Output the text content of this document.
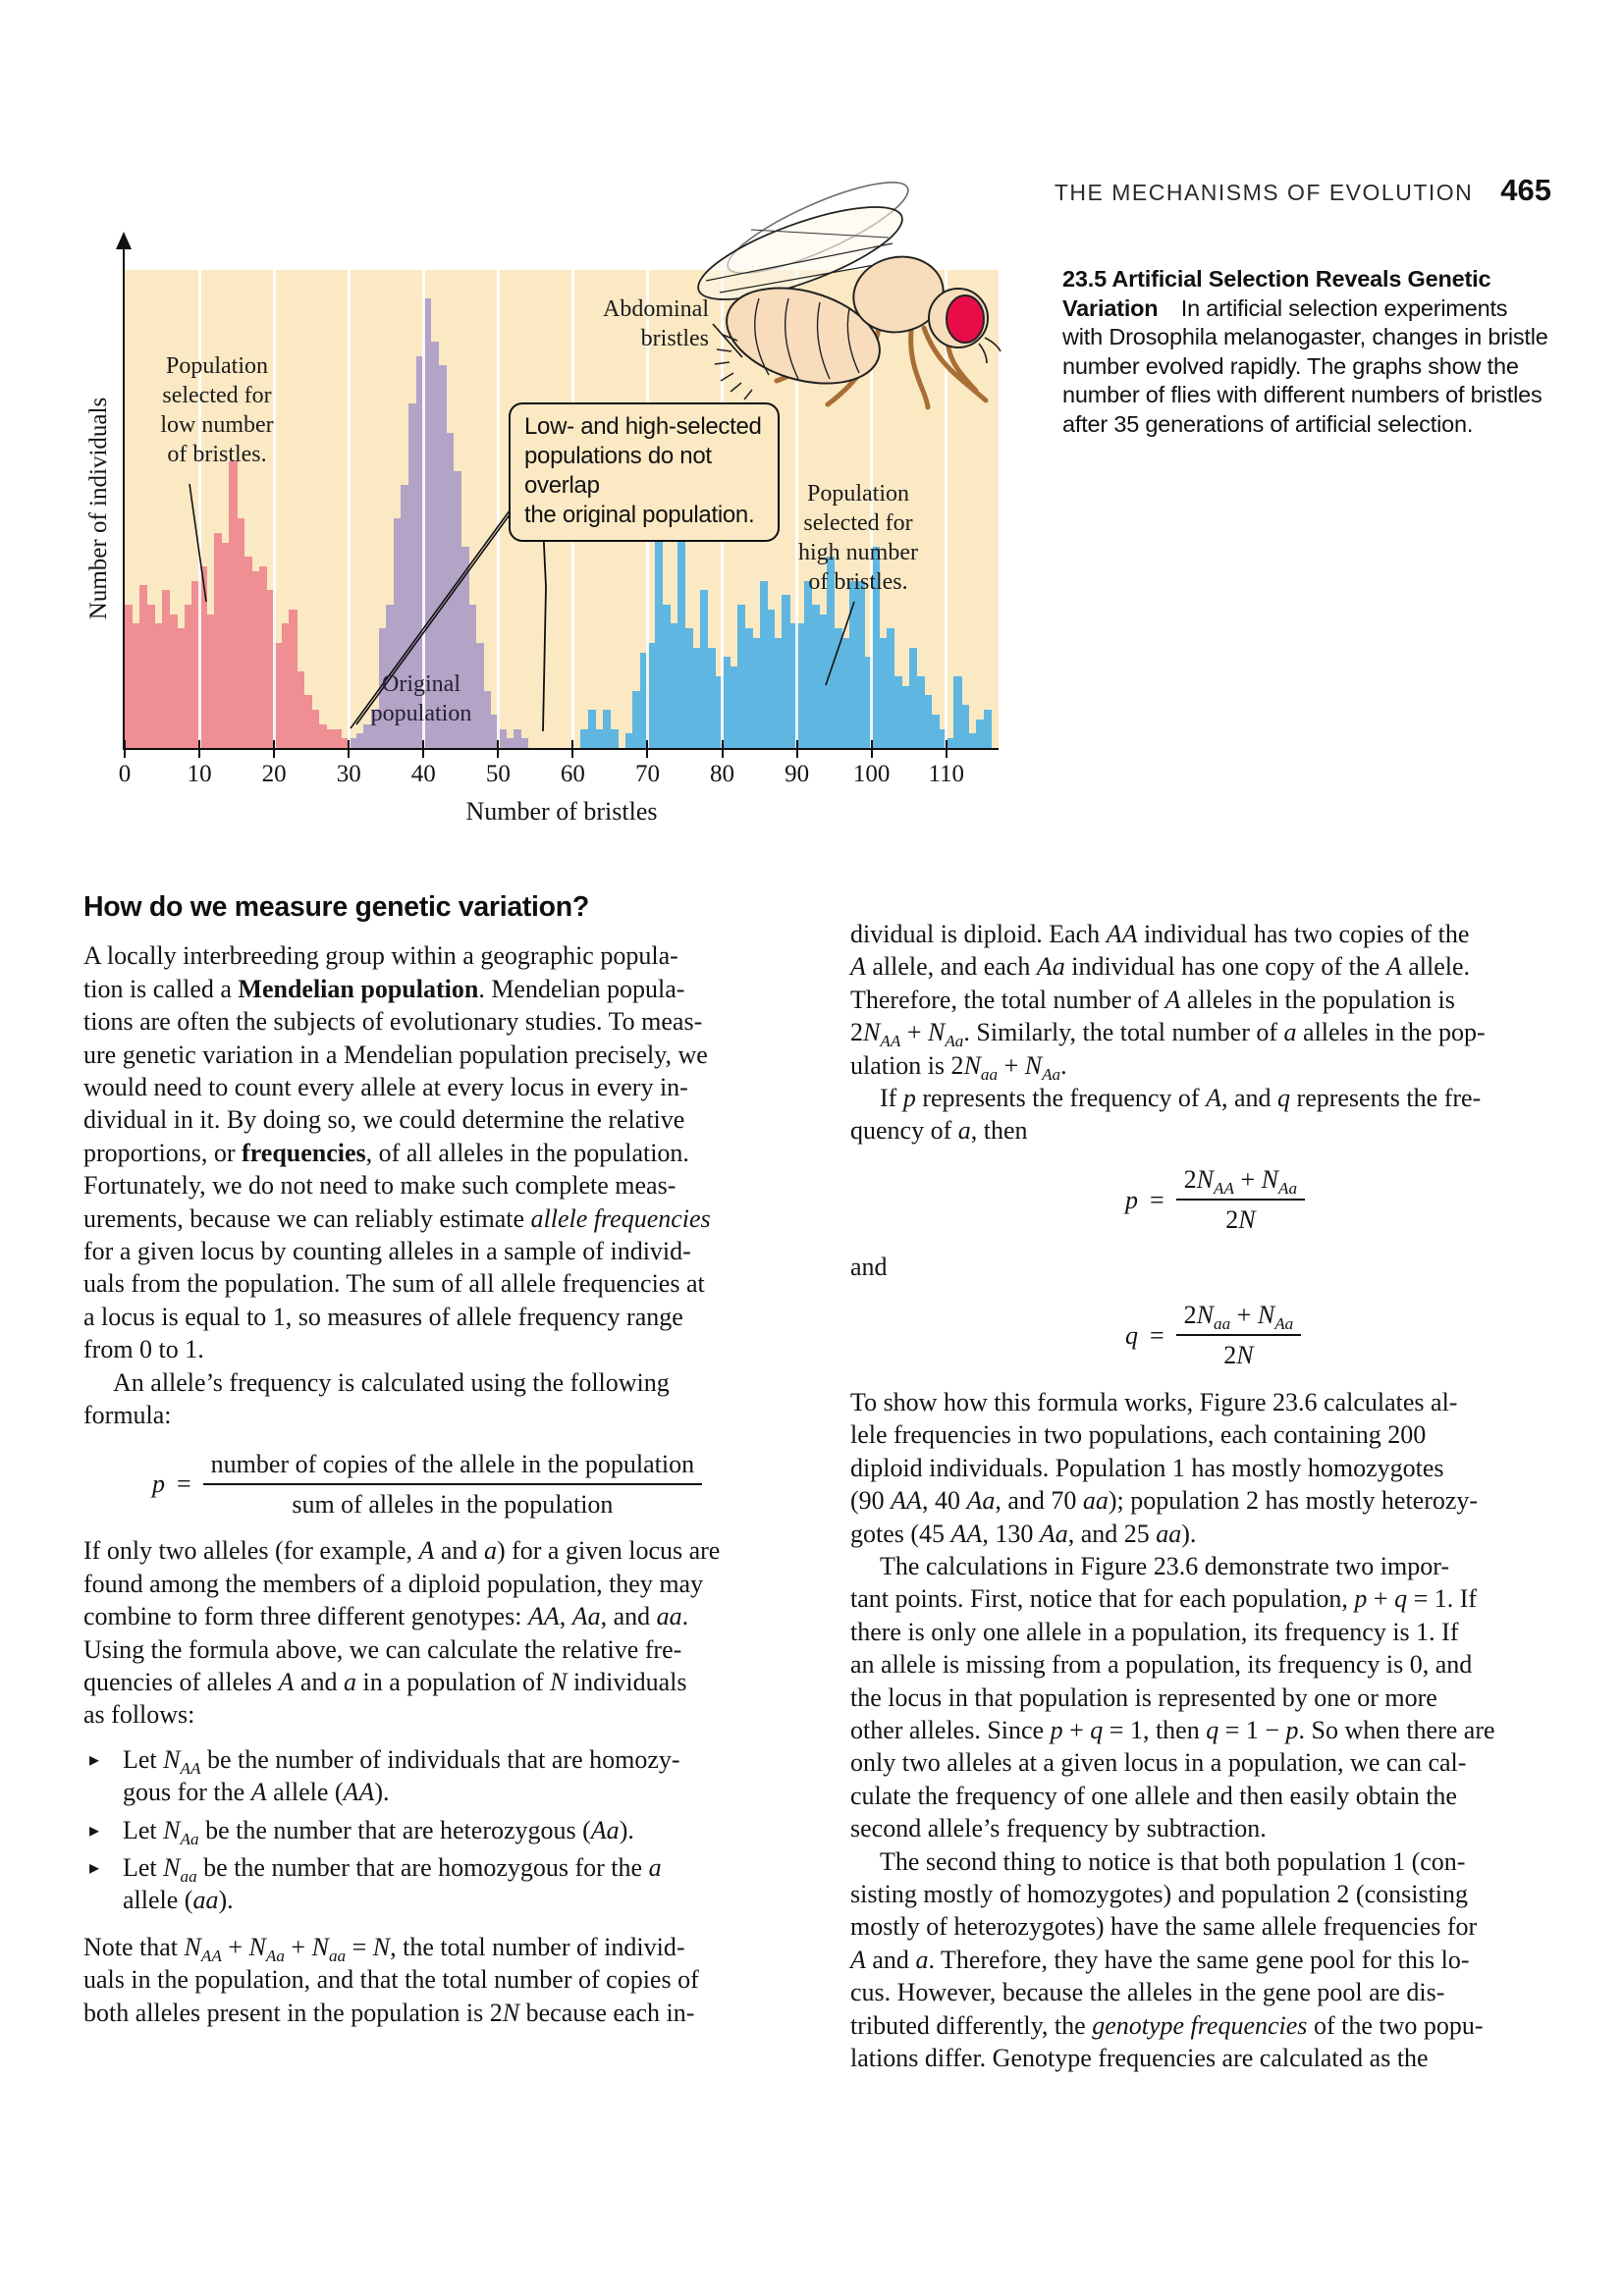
THE MECHANISMS OF EVOLUTION 465
Number of individuals
Number of bristles
Population
selected for
low number
of bristles.
Original
population
Population
selected for
high number
of bristles.
Abdominal
bristles
Low- and high-selected
populations do not overlap
the original population.
0	10	20	30	40	50	60	70	80	90	100 110
23.5 Artificial Selection Reveals Genetic
Variation In artificial selection experiments
with Drosophila melanogaster, changes in bristle
number evolved rapidly. The graphs show the
number of flies with different numbers of bristles
after 35 generations of artificial selection.
How do we measure genetic variation?

A locally interbreeding group within a geographic popula-
tion is called a Mendelian population. Mendelian popula-
tions are often the subjects of evolutionary studies. To meas-
ure genetic variation in a Mendelian population precisely, we
would need to count every allele at every locus in every in-
dividual in it. By doing so, we could determine the relative
proportions, or frequencies, of all alleles in the population.
Fortunately, we do not need to make such complete meas-
urements, because we can reliably estimate allele frequencies
for a given locus by counting alleles in a sample of individ-
uals from the population. The sum of all allele frequencies at
a locus is equal to 1, so measures of allele frequency range
from 0 to 1.

An allele’s frequency is calculated using the following
formula:

$p = \frac{\text{number of copies of the allele in the population}}{\text{sum of alleles in the population}}$

If only two alleles (for example, A and a) for a given locus are
found among the members of a diploid population, they may
combine to form three different genotypes: AA, Aa, and aa.
Using the formula above, we can calculate the relative fre-
quencies of alleles A and a in a population of N individuals
as follows:

▸ Let $N_{AA}$ be the number of individuals that are homozy-
gous for the A allele (AA).
▸ Let $N_{Aa}$ be the number that are heterozygous (Aa).
▸ Let $N_{aa}$ be the number that are homozygous for the a
allele (aa).

Note that $N_{AA} + N_{Aa} + N_{aa} = N$, the total number of individ-
uals in the population, and that the total number of copies of
both alleles present in the population is 2N because each in-

dividual is diploid. Each AA individual has two copies of the
A allele, and each Aa individual has one copy of the A allele.
Therefore, the total number of A alleles in the population is
$2N_{AA} + N_{Aa}$. Similarly, the total number of a alleles in the pop-
ulation is $2N_{aa} + N_{Aa}$.

If p represents the frequency of A, and q represents the fre-
quency of a, then

$p = \frac{2N_{AA} + N_{Aa}}{2N}$

and

$q = \frac{2N_{aa} + N_{Aa}}{2N}$

To show how this formula works, Figure 23.6 calculates al-
lele frequencies in two populations, each containing 200
diploid individuals. Population 1 has mostly homozygotes
(90 AA, 40 Aa, and 70 aa); population 2 has mostly heterozy-
gotes (45 AA, 130 Aa, and 25 aa).

The calculations in Figure 23.6 demonstrate two impor-
tant points. First, notice that for each population, p + q = 1. If
there is only one allele in a population, its frequency is 1. If
an allele is missing from a population, its frequency is 0, and
the locus in that population is represented by one or more
other alleles. Since p + q = 1, then q = 1 − p. So when there are
only two alleles at a given locus in a population, we can cal-
culate the frequency of one allele and then easily obtain the
second allele’s frequency by subtraction.

The second thing to notice is that both population 1 (con-
sisting mostly of homozygotes) and population 2 (consisting
mostly of heterozygotes) have the same allele frequencies for
A and a. Therefore, they have the same gene pool for this lo-
cus. However, because the alleles in the gene pool are dis-
tributed differently, the genotype frequencies of the two popu-
lations differ. Genotype frequencies are calculated as the
